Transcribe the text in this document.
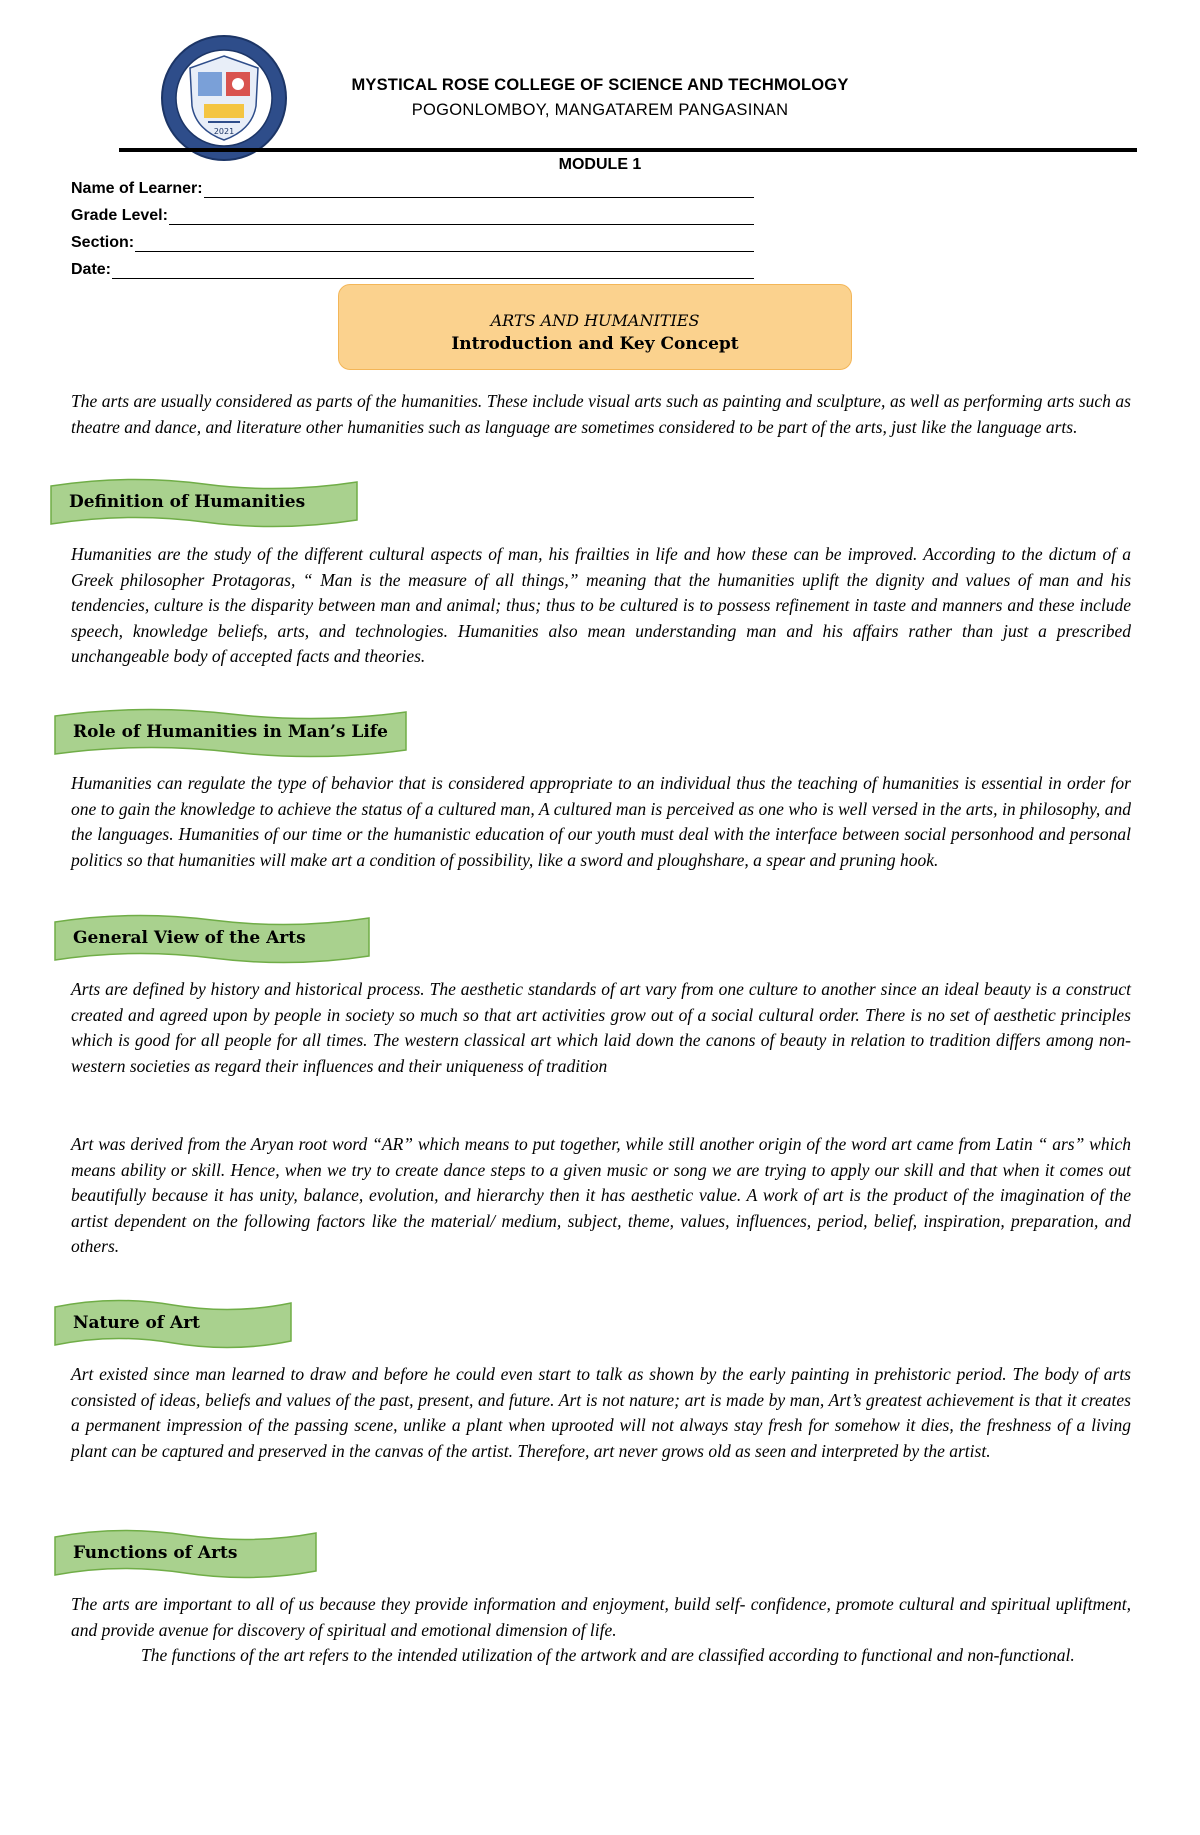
2021
MYSTICAL ROSE COLLEGE OF SCIENCE AND TECHMOLOGY
POGONLOMBOY, MANGATAREM PANGASINAN
MODULE 1
Name of Learner:
Grade Level:
Section:
Date:
ARTS AND HUMANITIES
Introduction and Key Concept

The arts are usually considered as parts of the humanities. These include visual arts such as painting and sculpture, as well as performing arts such as theatre and dance, and literature other humanities such as language are sometimes considered to be part of the arts, just like the language arts.

Definition of Humanities

Humanities are the study of the different cultural aspects of man, his frailties in life and how these can be improved. According to the dictum of a Greek philosopher Protagoras, “ Man is the measure of all things,” meaning that the humanities uplift the dignity and values of man and his tendencies, culture is the disparity between man and animal; thus; thus to be cultured is to possess refinement in taste and manners and these include speech, knowledge beliefs, arts, and technologies. Humanities also mean understanding man and his affairs rather than just a prescribed unchangeable body of accepted facts and theories.

Role of Humanities in Man’s Life

Humanities can regulate the type of behavior that is considered appropriate to an individual thus the teaching of humanities is essential in order for one to gain the knowledge to achieve the status of a cultured man, A cultured man is perceived as one who is well versed in the arts, in philosophy, and the languages. Humanities of our time or the humanistic education of our youth must deal with the interface between social personhood and personal politics so that humanities will make art a condition of possibility, like a sword and ploughshare, a spear and pruning hook.

General View of the Arts

Arts are defined by history and historical process. The aesthetic standards of art vary from one culture to another since an ideal beauty is a construct created and agreed upon by people in society so much so that art activities grow out of a social cultural order. There is no set of aesthetic principles which is good for all people for all times. The western classical art which laid down the canons of beauty in relation to tradition differs among non-western societies as regard their influences and their uniqueness of tradition

Art was derived from the Aryan root word “AR” which means to put together, while still another origin of the word art came from Latin “ ars” which means ability or skill. Hence, when we try to create dance steps to a given music or song we are trying to apply our skill and that when it comes out beautifully because it has unity, balance, evolution, and hierarchy then it has aesthetic value. A work of art is the product of the imagination of the artist dependent on the following factors like the material/ medium, subject, theme, values, influences, period, belief, inspiration, preparation, and others.

Nature of Art

Art existed since man learned to draw and before he could even start to talk as shown by the early painting in prehistoric period. The body of arts consisted of ideas, beliefs and values of the past, present, and future. Art is not nature; art is made by man, Art’s greatest achievement is that it creates a permanent impression of the passing scene, unlike a plant when uprooted will not always stay fresh for somehow it dies, the freshness of a living plant can be captured and preserved in the canvas of the artist. Therefore, art never grows old as seen and interpreted by the artist.

Functions of Arts

The arts are important to all of us because they provide information and enjoyment, build self- confidence, promote cultural and spiritual upliftment, and provide avenue for discovery of spiritual and emotional dimension of life.
The functions of the art refers to the intended utilization of the artwork and are classified according to functional and non-functional.
